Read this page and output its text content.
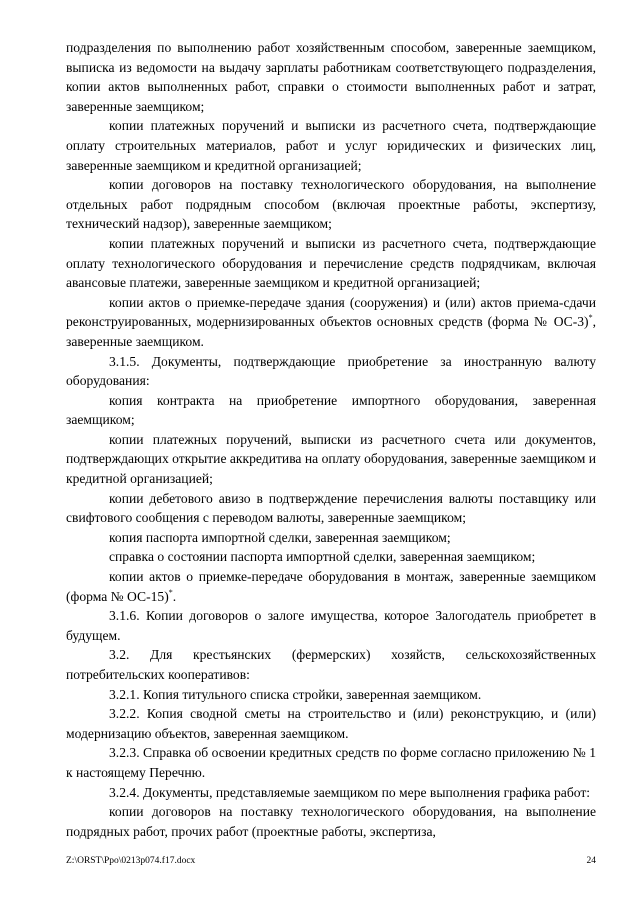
подразделения по выполнению работ хозяйственным способом, заверенные заемщиком, выписка из ведомости на выдачу зарплаты работникам соответствующего подразделения, копии актов выполненных работ, справки о стоимости выполненных работ и затрат, заверенные заемщиком;

копии платежных поручений и выписки из расчетного счета, подтверждающие оплату строительных материалов, работ и услуг юридических и физических лиц, заверенные заемщиком и кредитной организацией;

копии договоров на поставку технологического оборудования, на выполнение отдельных работ подрядным способом (включая проектные работы, экспертизу, технический надзор), заверенные заемщиком;

копии платежных поручений и выписки из расчетного счета, подтверждающие оплату технологического оборудования и перечисление средств подрядчикам, включая авансовые платежи, заверенные заемщиком и кредитной организацией;

копии актов о приемке-передаче здания (сооружения) и (или) актов приема-сдачи реконструированных, модернизированных объектов основных средств (форма № ОС-3)*, заверенные заемщиком.

3.1.5. Документы, подтверждающие приобретение за иностранную валюту оборудования:

копия контракта на приобретение импортного оборудования, заверенная заемщиком;

копии платежных поручений, выписки из расчетного счета или документов, подтверждающих открытие аккредитива на оплату оборудования, заверенные заемщиком и кредитной организацией;

копии дебетового авизо в подтверждение перечисления валюты поставщику или свифтового сообщения с переводом валюты, заверенные заемщиком;

копия паспорта импортной сделки, заверенная заемщиком;

справка о состоянии паспорта импортной сделки, заверенная заемщиком;

копии актов о приемке-передаче оборудования в монтаж, заверенные заемщиком (форма № ОС-15)*.

3.1.6. Копии договоров о залоге имущества, которое Залогодатель приобретет в будущем.

3.2. Для крестьянских (фермерских) хозяйств, сельскохозяйственных потребительских кооперативов:

3.2.1. Копия титульного списка стройки, заверенная заемщиком.

3.2.2. Копия сводной сметы на строительство и (или) реконструкцию, и (или) модернизацию объектов, заверенная заемщиком.

3.2.3. Справка об освоении кредитных средств по форме согласно приложению № 1 к настоящему Перечню.

3.2.4. Документы, представляемые заемщиком по мере выполнения графика работ:

копии договоров на поставку технологического оборудования, на выполнение подрядных работ, прочих работ (проектные работы, экспертиза,

Z:\ORST\Ppo\0213p074.f17.docx	24
